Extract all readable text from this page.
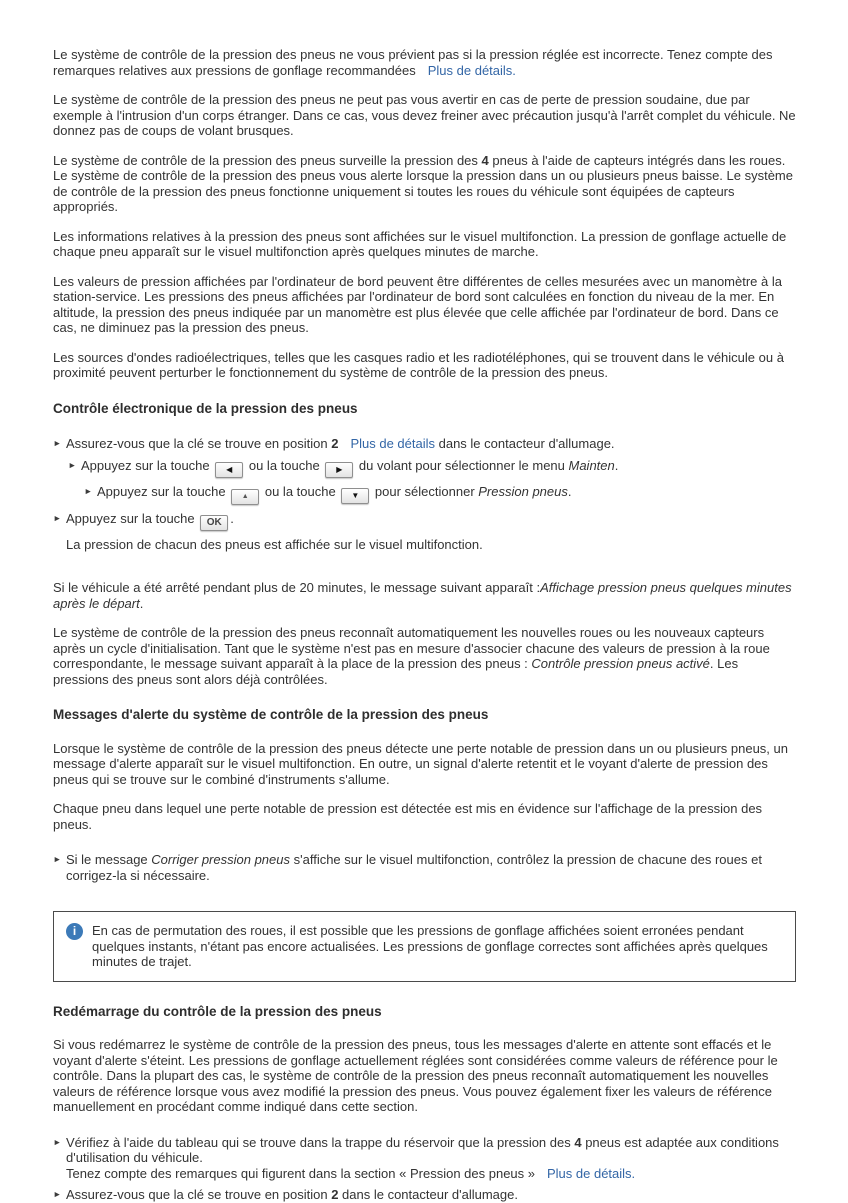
Le système de contrôle de la pression des pneus ne vous prévient pas si la pression réglée est incorrecte. Tenez compte des remarques relatives aux pressions de gonflage recommandées Plus de détails.

Le système de contrôle de la pression des pneus ne peut pas vous avertir en cas de perte de pression soudaine, due par exemple à l'intrusion d'un corps étranger. Dans ce cas, vous devez freiner avec précaution jusqu'à l'arrêt complet du véhicule. Ne donnez pas de coups de volant brusques.

Le système de contrôle de la pression des pneus surveille la pression des 4 pneus à l'aide de capteurs intégrés dans les roues. Le système de contrôle de la pression des pneus vous alerte lorsque la pression dans un ou plusieurs pneus baisse. Le système de contrôle de la pression des pneus fonctionne uniquement si toutes les roues du véhicule sont équipées de capteurs appropriés.

Les informations relatives à la pression des pneus sont affichées sur le visuel multifonction. La pression de gonflage actuelle de chaque pneu apparaît sur le visuel multifonction après quelques minutes de marche.

Les valeurs de pression affichées par l'ordinateur de bord peuvent être différentes de celles mesurées avec un manomètre à la station-service. Les pressions des pneus affichées par l'ordinateur de bord sont calculées en fonction du niveau de la mer. En altitude, la pression des pneus indiquée par un manomètre est plus élevée que celle affichée par l'ordinateur de bord. Dans ce cas, ne diminuez pas la pression des pneus.

Les sources d'ondes radioélectriques, telles que les casques radio et les radiotéléphones, qui se trouvent dans le véhicule ou à proximité peuvent perturber le fonctionnement du système de contrôle de la pression des pneus.

Contrôle électronique de la pression des pneus
► Assurez-vous que la clé se trouve en position 2 Plus de détails dans le contacteur d'allumage.
► Appuyez sur la touche ◀ ou la touche ▶ du volant pour sélectionner le menu Mainten.
► Appuyez sur la touche ▲ ou la touche ▼ pour sélectionner Pression pneus.
► Appuyez sur la touche OK .
La pression de chacun des pneus est affichée sur le visuel multifonction.

Si le véhicule a été arrêté pendant plus de 20 minutes, le message suivant apparaît :Affichage pression pneus quelques minutes après le départ.

Le système de contrôle de la pression des pneus reconnaît automatiquement les nouvelles roues ou les nouveaux capteurs après un cycle d'initialisation. Tant que le système n'est pas en mesure d'associer chacune des valeurs de pression à la roue correspondante, le message suivant apparaît à la place de la pression des pneus : Contrôle pression pneus activé. Les pressions des pneus sont alors déjà contrôlées.

Messages d'alerte du système de contrôle de la pression des pneus

Lorsque le système de contrôle de la pression des pneus détecte une perte notable de pression dans un ou plusieurs pneus, un message d'alerte apparaît sur le visuel multifonction. En outre, un signal d'alerte retentit et le voyant d'alerte de pression des pneus qui se trouve sur le combiné d'instruments s'allume.

Chaque pneu dans lequel une perte notable de pression est détectée est mis en évidence sur l'affichage de la pression des pneus.

► Si le message Corriger pression pneus s'affiche sur le visuel multifonction, contrôlez la pression de chacune des roues et corrigez-la si nécessaire.
i	En cas de permutation des roues, il est possible que les pressions de gonflage affichées soient erronées pendant quelques instants, n'étant pas encore actualisées. Les pressions de gonflage correctes sont affichées après quelques minutes de trajet.
Redémarrage du contrôle de la pression des pneus

Si vous redémarrez le système de contrôle de la pression des pneus, tous les messages d'alerte en attente sont effacés et le voyant d'alerte s'éteint. Les pressions de gonflage actuellement réglées sont considérées comme valeurs de référence pour le contrôle. Dans la plupart des cas, le système de contrôle de la pression des pneus reconnaît automatiquement les nouvelles valeurs de référence lorsque vous avez modifié la pression des pneus. Vous pouvez également fixer les valeurs de référence manuellement en procédant comme indiqué dans cette section.

► Vérifiez à l'aide du tableau qui se trouve dans la trappe du réservoir que la pression des 4 pneus est adaptée aux conditions d'utilisation du véhicule.
Tenez compte des remarques qui figurent dans la section « Pression des pneus » Plus de détails.
► Assurez-vous que la clé se trouve en position 2 dans le contacteur d'allumage.
